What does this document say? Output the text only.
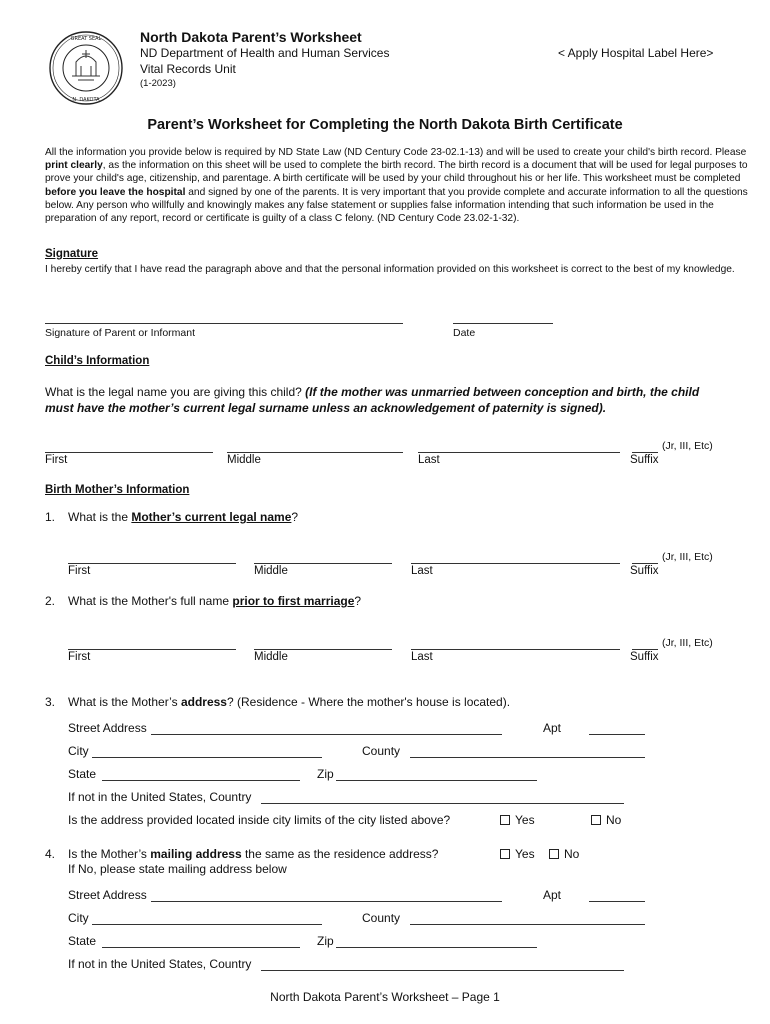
GREAT SEAL
N. DAKOTA
North Dakota Parent’s Worksheet
ND Department of Health and Human Services
Vital Records Unit
(1-2023)
< Apply Hospital Label Here>
Parent’s Worksheet for Completing the North Dakota Birth Certificate
All the information you provide below is required by ND State Law (ND Century Code 23-02.1-13) and will be used to create your child's birth record. Please print clearly, as the information on this sheet will be used to complete the birth record. The birth record is a document that will be used for legal purposes to prove your child's age, citizenship, and parentage. A birth certificate will be used by your child throughout his or her life. This worksheet must be completed before you leave the hospital and signed by one of the parents. It is very important that you provide complete and accurate information to all the questions below. Any person who willfully and knowingly makes any false statement or supplies false information intending that such information be used in the preparation of any report, record or certificate is guilty of a class C felony. (ND Century Code 23.02-1-32).
Signature
I hereby certify that I have read the paragraph above and that the personal information provided on this worksheet is correct to the best of my knowledge.
Signature of Parent or Informant	Date
Child’s Information
What is the legal name you are giving this child? (If the mother was unmarried between conception and birth, the child must have the mother’s current legal surname unless an acknowledgement of paternity is signed).
(Jr, III, Etc)
First	Middle	Last	Suffix
Birth Mother’s Information
1. What is the Mother’s current legal name?
(Jr, III, Etc)
First	Middle	Last	Suffix
2. What is the Mother's full name prior to first marriage?
(Jr, III, Etc)
First	Middle	Last	Suffix
3. What is the Mother’s address? (Residence - Where the mother's house is located).
Street Address	Apt
City	County
State	Zip
If not in the United States, Country
Is the address provided located inside city limits of the city listed above?	Yes	No
4. Is the Mother’s mailing address the same as the residence address?	Yes	No
If No, please state mailing address below
Street Address	Apt
City	County
State	Zip
If not in the United States, Country
North Dakota Parent’s Worksheet – Page 1
